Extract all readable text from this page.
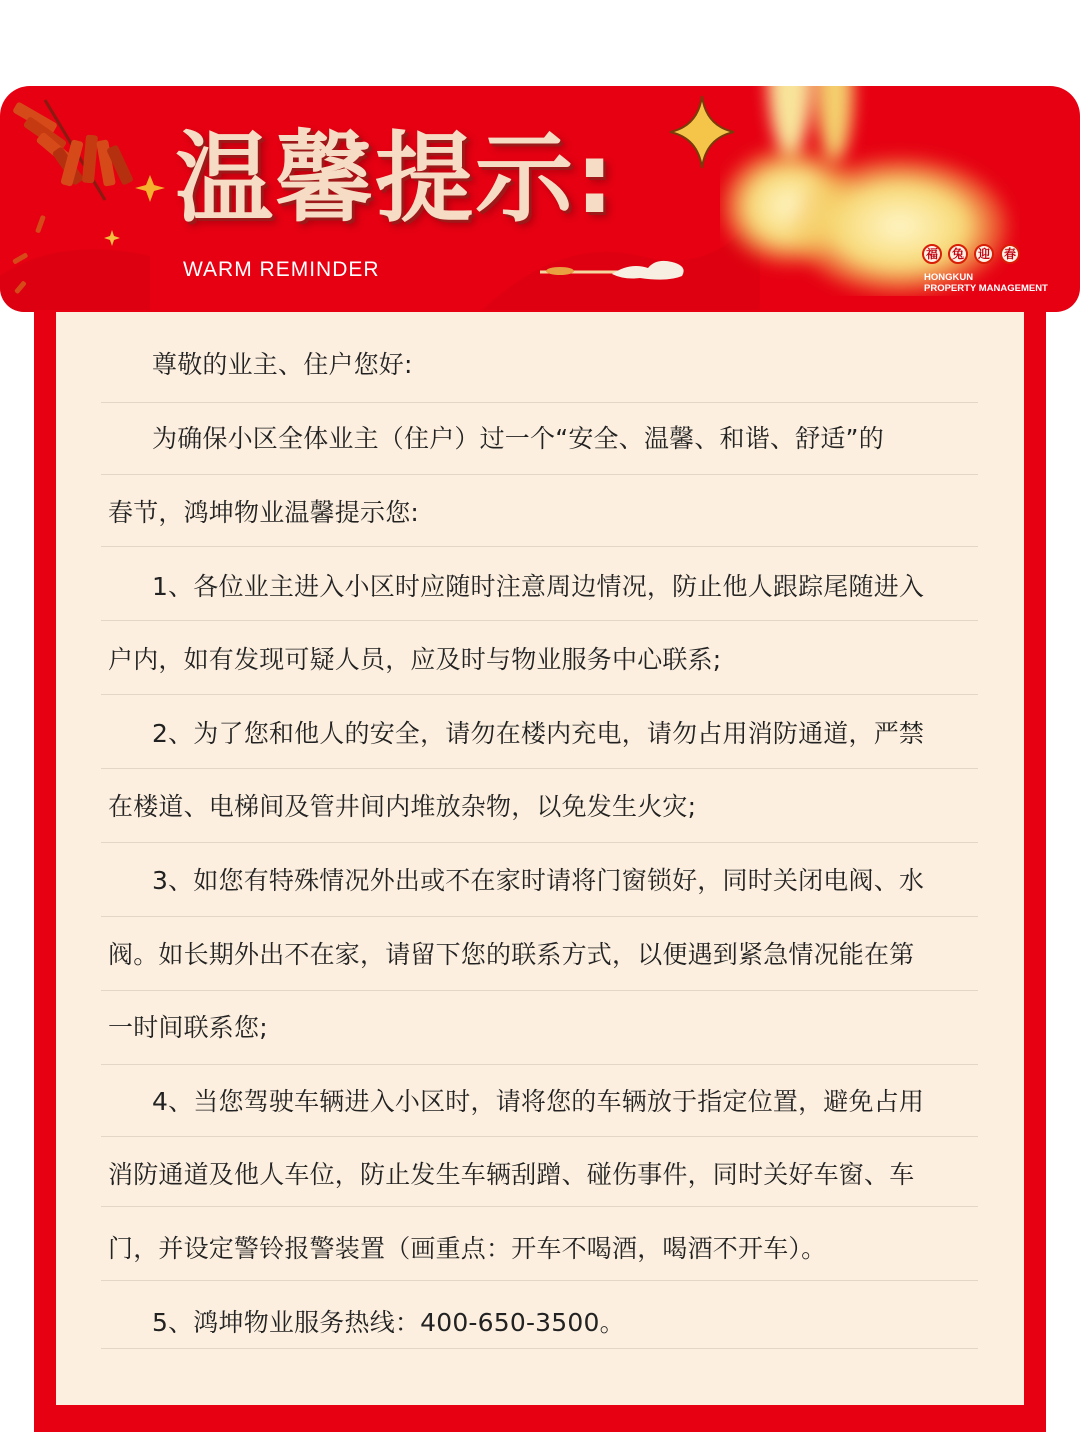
温馨提示:
WARM REMINDER
福	兔	迎	春
HONGKUN
PROPERTY MANAGEMENT
尊敬的业主、住户您好:
为确保小区全体业主（住户）过一个“安全、温馨、和谐、舒适”的
春节，鸿坤物业温馨提示您:
1、各位业主进入小区时应随时注意周边情况，防止他人跟踪尾随进入
户内，如有发现可疑人员，应及时与物业服务中心联系;
2、为了您和他人的安全，请勿在楼内充电，请勿占用消防通道，严禁
在楼道、电梯间及管井间内堆放杂物，以免发生火灾;
3、如您有特殊情况外出或不在家时请将门窗锁好，同时关闭电阀、水
阀。如长期外出不在家，请留下您的联系方式，以便遇到紧急情况能在第
一时间联系您;
4、当您驾驶车辆进入小区时，请将您的车辆放于指定位置，避免占用
消防通道及他人车位，防止发生车辆刮蹭、碰伤事件，同时关好车窗、车
门，并设定警铃报警装置（画重点：开车不喝酒，喝酒不开车）。
5、鸿坤物业服务热线：400-650-3500。
